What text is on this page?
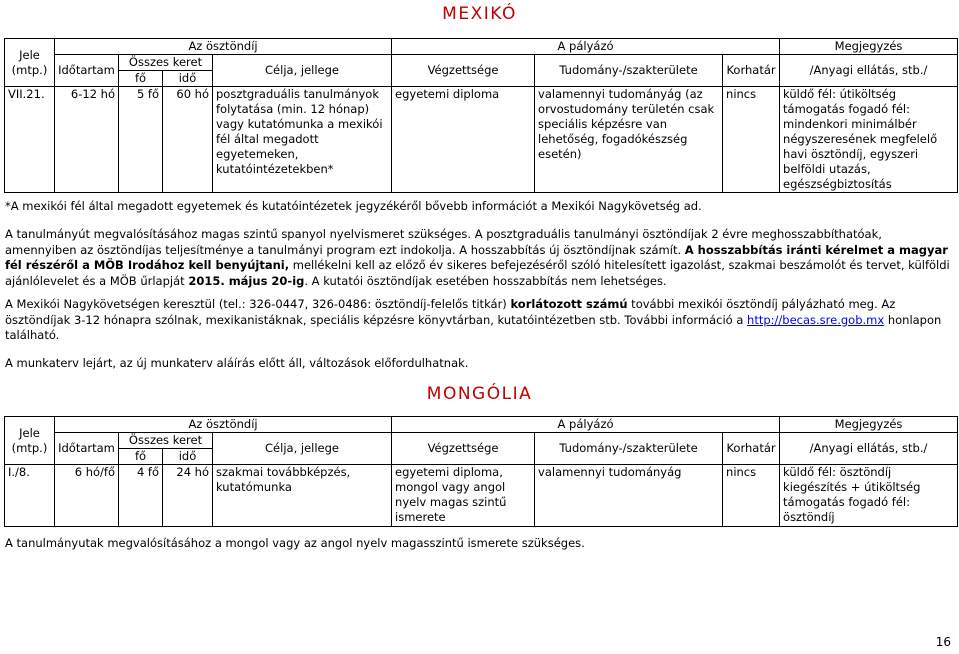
MEXIKÓ
Jele (mtp.)	Az ösztöndíj				A pályázó			Megjegyzés
	Időtartam	Összes keret		Célja, jellege	Végzettsége	Tudomány-/szakterülete	Korhatár	/Anyagi ellátás, stb./
		fő	idő					
VII.21.	6-12 hó	5 fő	60 hó	posztgraduális tanulmányok folytatása (min. 12 hónap) vagy kutatómunka a mexikói fél által megadott egyetemeken, kutatóintézetekben*	egyetemi diploma	valamennyi tudományág (az orvostudomány területén csak speciális képzésre van lehetőség, fogadókészség esetén)	nincs	küldő fél: útiköltség támogatás fogadó fél: mindenkori minimálbér négyszeresének megfelelő havi ösztöndíj, egyszeri belföldi utazás, egészségbiztosítás
*A mexikói fél által megadott egyetemek és kutatóintézetek jegyzékéről bővebb információt a Mexikói Nagykövetség ad.
A tanulmányút megvalósításához magas szintű spanyol nyelvismeret szükséges. A posztgraduális tanulmányi ösztöndíjak 2 évre meghosszabbíthatóak, amennyiben az ösztöndíjas teljesítménye a tanulmányi program ezt indokolja. A hosszabbítás új ösztöndíjnak számít. A hosszabbítás iránti kérelmet a magyar fél részéről a MÖB Irodához kell benyújtani, mellékelni kell az előző év sikeres befejezéséről szóló hitelesített igazolást, szakmai beszámolót és tervet, külföldi ajánlólevelet és a MÖB űrlapját 2015. május 20-ig. A kutatói ösztöndíjak esetében hosszabbítás nem lehetséges.
A Mexikói Nagykövetségen keresztül (tel.: 326-0447, 326-0486: ösztöndíj-felelős titkár) korlátozott számú további mexikói ösztöndíj pályázható meg. Az ösztöndíjak 3-12 hónapra szólnak, mexikanistáknak, speciális képzésre könyvtárban, kutatóintézetben stb. További információ a http://becas.sre.gob.mx honlapon található.
A munkaterv lejárt, az új munkaterv aláírás előtt áll, változások előfordulhatnak.
MONGÓLIA
Jele (mtp.)	Az ösztöndíj				A pályázó			Megjegyzés
	Időtartam	Összes keret		Célja, jellege	Végzettsége	Tudomány-/szakterülete	Korhatár	/Anyagi ellátás, stb./
		fő	idő					
I./8.	6 hó/fő	4 fő	24 hó	szakmai továbbképzés, kutatómunka	egyetemi diploma, mongol vagy angol nyelv magas szintű ismerete	valamennyi tudományág	nincs	küldő fél: ösztöndíj kiegészítés + útiköltség támogatás fogadó fél: ösztöndíj
A tanulmányutak megvalósításához a mongol vagy az angol nyelv magasszintű ismerete szükséges.
16
